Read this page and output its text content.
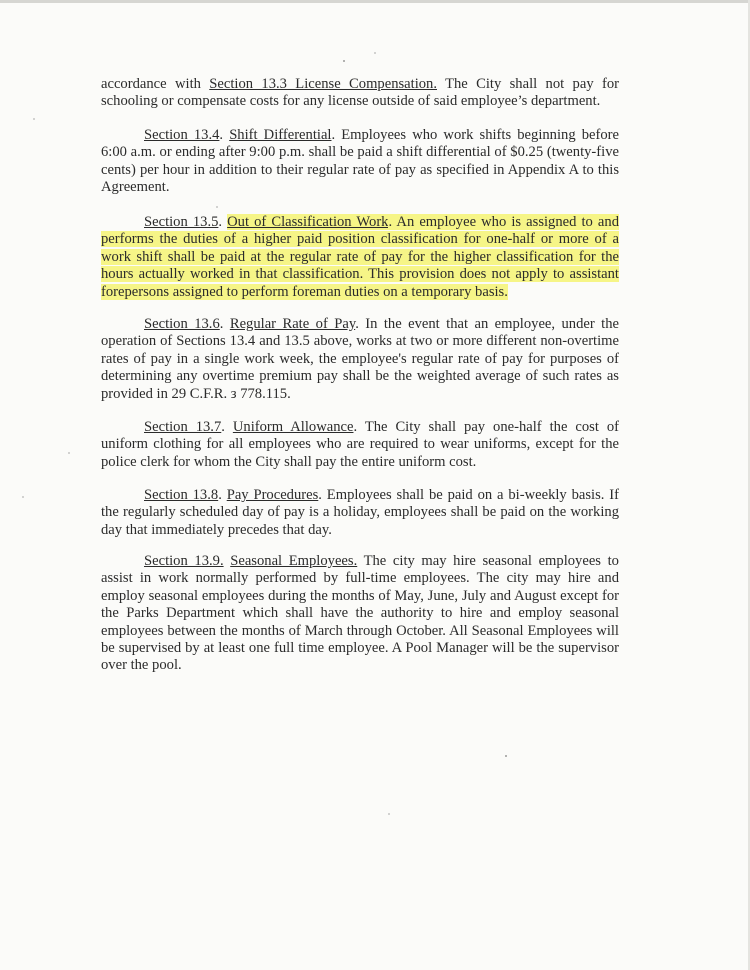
accordance with Section 13.3 License Compensation. The City shall not pay for schooling or compensate costs for any license outside of said employee’s department.

Section 13.4. Shift Differential. Employees who work shifts beginning before 6:00 a.m. or ending after 9:00 p.m. shall be paid a shift differential of $0.25 (twenty-five cents) per hour in addition to their regular rate of pay as specified in Appendix A to this Agreement.

Section 13.5. Out of Classification Work. An employee who is assigned to and performs the duties of a higher paid position classification for one-half or more of a work shift shall be paid at the regular rate of pay for the higher classification for the hours actually worked in that classification. This provision does not apply to assistant forepersons assigned to perform foreman duties on a temporary basis.

Section 13.6. Regular Rate of Pay. In the event that an employee, under the operation of Sections 13.4 and 13.5 above, works at two or more different non-overtime rates of pay in a single work week, the employee's regular rate of pay for purposes of determining any overtime premium pay shall be the weighted average of such rates as provided in 29 C.F.R. з 778.115.

Section 13.7. Uniform Allowance. The City shall pay one-half the cost of uniform clothing for all employees who are required to wear uniforms, except for the police clerk for whom the City shall pay the entire uniform cost.

Section 13.8. Pay Procedures. Employees shall be paid on a bi-weekly basis. If the regularly scheduled day of pay is a holiday, employees shall be paid on the working day that immediately precedes that day.

Section 13.9. Seasonal Employees. The city may hire seasonal employees to assist in work normally performed by full-time employees. The city may hire and employ seasonal employees during the months of May, June, July and August except for the Parks Department which shall have the authority to hire and employ seasonal employees between the months of March through October. All Seasonal Employees will be supervised by at least one full time employee. A Pool Manager will be the supervisor over the pool.
